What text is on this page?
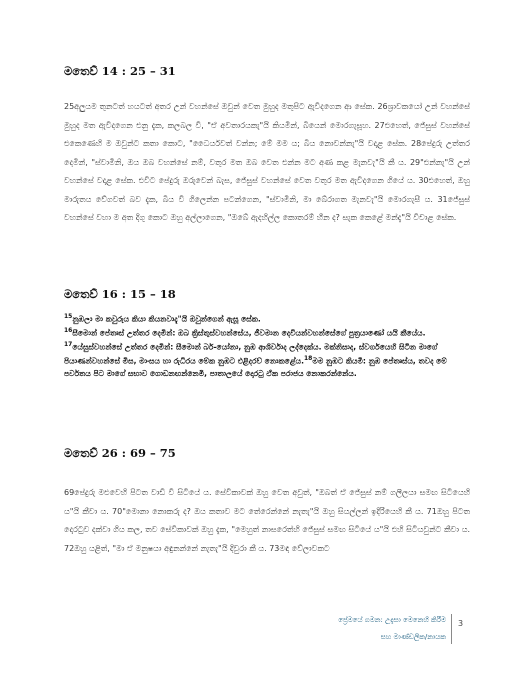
මතෙව් 14 : 25 – 31
25අලුයම තුනටත් හයටත් අතර උන් වහන්සේ ඔවුන් වෙත මුහුද මතුපිට ඇවිදගෙන ආ සේක. 26ශ්‍රාවකයෝ උන් වහන්සේ මුහුද මත ඇවිදගෙන එනු දැක, කලබල වී, "ඒ අවතාරයකැ"යි කියමින්, බියෙන් මොරගැසූහ. 27එහෙත්, ජේසුස් වහන්සේ එකෙණෙහි ම ඔවුන්ට කතා කොට, "ධෛර්යවත් වන්න; මේ මම ය; බිය නොවන්නැ"යි වදාළ සේක. 28පේදුරු උත්තර දෙමින්, "ස්වාමීනි, ඔය ඔබ වහන්සේ නම්, වතුර මත ඔබ වෙත එන්න මට අණ කළ මැනවැ"යි කී ය. 29"එන්නැ"යි උන් වහන්සේ වදාළ සේක. එවිට පේදුරු ඔරුවෙන් බැස, ජේසුස් වහන්සේ වෙත වතුර මත ඇවිදගෙන ගියේ ය. 30එහෙත්, ඔහු මාරුතය වේගවත් බව දැක, බිය වී ගිලෙන්න පටන්ගෙන, "ස්වාමීනි, මා බේරාගත මැනවැ"යි මොරගැසී ය. 31ජේසුස් වහන්සේ වහා ම අත දිගු කොට ඔහු අල්ලාගෙන, "ඔබේ ඇදහිල්ල කොතරම් හීන ද? සැක කෙළේ මන්දැ"යි විචාළ සේක.
මතෙව් 16 : 15 – 18
$^{15}$නුඹලා මා කවුරුය කියා කියනවාදැ"යි ඔවුන්ගෙන් ඇසූ සේක.
$^{16}$සීමොන් පේතෘස් උත්තර දෙමින්: ඔබ ක්‍රිස්තුස්වහන්සේය, ජීවමාන දෙවියන්වහන්සේගේ පුත්‍රයාණෝ යයි කීයේය.
$^{17}$යේසුස්වහන්සේ උත්තර දෙමින්: සීමොන් බර්-යෝනා, නුඹ ආශිර්වාද ලද්දෙක්ය. මක්නිසාද, ස්වර්ගයෙහි සිටින මාගේ පියාණන්වහන්සේ මිස, මාංසය හා රුධිරය මේක නුඹට එළිදරව් නොකළේය.$^{18}$මම නුඹට කියමී: නුඹ පේතෘස්ය, තවද මේ පර්වතය පිට මාගේ සභාව ගොඩනඟන්නෙමි, පාතාලයේ දොරටු ඒක පරාජය නොකරන්නේය.
මතෙව් 26 : 69 – 75
69පේදුරු මළුවෙහි පිටත වාඩි වී සිටියේ ය. සේවිකාවක් ඔහු වෙත අවුත්, "ඔබත් ඒ ජේසුස් නම් ගලීලයා සමඟ සිටියෙහි ය"යි කීවා ය. 70"මොනා නොකරු ද? ඔය කතාව මට තේරෙන්නේ නැතැ"යි ඔහු සියල්ලන් ඉදිරියෙහි කී ය. 71ඔහු පිටත දොරටුව දක්වා ගිය කල, තව සේවිකාවක් ඔහු දැක, "මෙහුත් නාසරෙත්හි ජේසුස් සමඟ සිටියේ ය"යි එහි සිටියවුන්ට කීවා ය. 72ඔහු යළිත්, "මා ඒ මනුෂයා අඳුනන්නේ නැතැ"යි දිවුරා කී ය. 73මඳ වේලාවකට
ප්‍රේමයේ ගමන: උදැසා මෙනෙහි කිරීම
සහ මාණ්ඩලික/නායක
3
